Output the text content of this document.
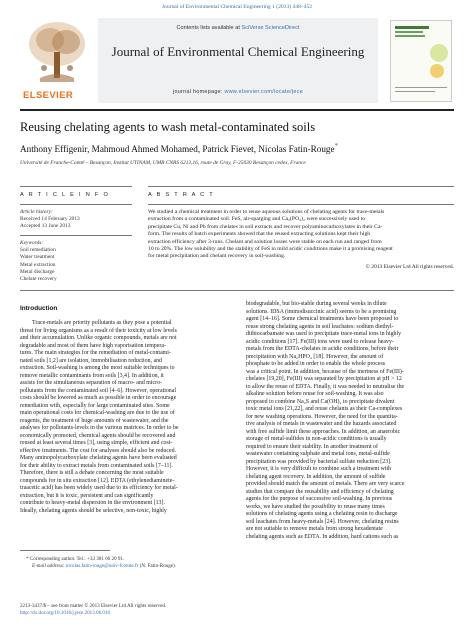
Journal of Environmental Chemical Engineering 1 (2013) 448–452
ELSEVIER
Contents lists available at SciVerse ScienceDirect
Journal of Environmental Chemical Engineering
journal homepage: www.elsevier.com/locate/jece
Reusing chelating agents to wash metal-contaminated soils
Anthony Effigenir, Mahmoud Ahmed Mohamed, Patrick Fievet, Nicolas Fatin-Rouge*
Université de Franche-Comté – Besançon, Institut UTINAM, UMR CNRS 6213,16, route de Gray, F-25030 Besançon cedex, France
A R T I C L E I N F O
Article history:
Received 14 February 2013
Accepted 13 June 2013
Keywords:
Soil remediation
Water treatment
Metal extraction
Metal discharge
Chelate recovery
A B S T R A C T
We studied a chemical treatment in order to reuse aqueous solutions of chelating agents for trace-metals
extraction from a contaminated soil. FeS, air-sparging and Ca₃(PO₄)₂ were successively used to
precipitate Cu, Ni and Pb from chelates in soil extracts and recover polyaminocarboxylates in their Ca-
form. The results of batch experiments showed that the reused extracting solutions kept their high
extraction efficiency after 3-runs. Chelant and solution losses were stable on each run and ranged from
10 to 20%. The low solubility and the stability of FeS in mild acidic conditions make it a promising reagent
for metal precipitation and chelant recovery in soil-washing.
© 2013 Elsevier Ltd All rights reserved.
Introduction
Trace-metals are priority pollutants as they pose a potential
threat for living organisms as a result of their toxicity at low levels
and their accumulation. Unlike organic compounds, metals are not
degradable and most of them have high vaporisation tempera-
tures. The main strategies for the remediation of metal-contami-
nated soils [1,2] are isolation, immobilisation reduction, and
extraction. Soil-washing is among the most suitable techniques to
remove metallic contaminants from soils [3,4]. In addition, it
assists for the simultaneous separation of macro- and micro-
pollutants from the contaminated soil [4–6]. However, operational
costs should be lowered as much as possible in order to encourage
remediation with, especially for large contaminated sites. Some
main operational costs for chemical-washing are due to the use of
reagents, the treatment of huge amounts of wastewater, and the
analyses for pollutants-levels in the various matrices. In order to be
economically promoted, chemical agents should be recovered and
reused at least several times [3], using simple, efficient and cost-
effective treatments. The cost for analyses should also be reduced.
Many aminopolycarboxylate chelating agents have been evaluated
for their ability to extract metals from contaminated soils [7–11].
Therefore, there is still a debate concerning the most suitable
compounds for in situ extraction [12]. EDTA (ethylenediaminete-
traacetic acid) has been widely used due to its efficiency for metal-
extraction, but it is toxic, persistent and can significantly
contribute to heavy-metal dispersion in the environment [13].
Ideally, chelating agents should be selective, non-toxic, highly
biodegradable, but bio-stable during several weeks in dilute
solutions. IDSA (iminodisuccinic acid) seems to be a promising
agent [14–16]. Some chemical treatments have been proposed to
reuse strong chelating agents in soil leachates: sodium diethyl-
dithiocarbamate was used to precipitate trace-metal ions in highly
acidic conditions [17]. Fe(III) ions were used to release heavy-
metals from the EDTA-chelates in acidic conditions, before their
precipitation with Na₂HPO₄ [18]. However, the amount of
phosphate to be added in order to enable the whole process
was a critical point. In addition, because of the inertness of Fe(III)-
chelates [19,20], Fe(III) was separated by precipitation at pH > 12
to allow the reuse of EDTA. Finally, it was needed to neutralise the
alkaline solution before reuse for soil-washing. It was also
proposed to combine Na₂S and Ca(OH)₂ to precipitate divalent
toxic metal ions [21,22], and reuse chelants as their Ca-complexes
for new washing operations. However, the need for the quantita-
tive analysis of metals in wastewater and the hazards associated
with free sulfide limit these approaches. In addition, an anaerobic
storage of metal-sulfides in non-acidic conditions is usually
required to ensure their stability. In another treatment of
wastewater containing sulphate and metal ions, metal-sulfide
precipitation was provided by bacterial sulfate reduction [23].
However, it is very difficult to combine such a treatment with
chelating agent recovery. In addition, the amount of sulfide
provided should match the amount of metals. There are very scarce
studies that compare the reusability and efficiency of chelating
agents for the purpose of successive soil-washing. In previous
works, we have studied the possibility to reuse many times
solutions of chelating agents using a chelating resin to discharge
soil leachates from heavy-metals [24]. However, chelating resins
are not suitable to remove metals from strong hexadentate
chelating agents such as EDTA. In addition, hard cations such as
* Corresponding author. Tel.: +33 381 66 20 91.
E-mail address: nicolas.fatin-rouge@univ-fcomte.fr (N. Fatin-Rouge).
2213-3437/$ – see front matter © 2013 Elsevier Ltd All rights reserved.
http://dx.doi.org/10.1016/j.jece.2013.06.010
